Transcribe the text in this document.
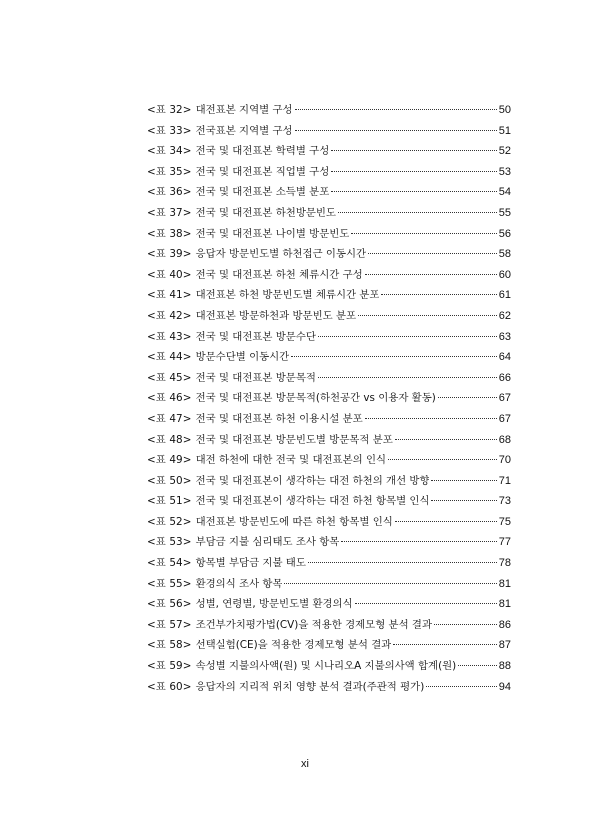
<표 32> 대전표본 지역별 구성	50
<표 33> 전국표본 지역별 구성	51
<표 34> 전국 및 대전표본 학력별 구성	52
<표 35> 전국 및 대전표본 직업별 구성	53
<표 36> 전국 및 대전표본 소득별 분포	54
<표 37> 전국 및 대전표본 하천방문빈도	55
<표 38> 전국 및 대전표본 나이별 방문빈도	56
<표 39> 응답자 방문빈도별 하천접근 이동시간	58
<표 40> 전국 및 대전표본 하천 체류시간 구성	60
<표 41> 대전표본 하천 방문빈도별 체류시간 분포	61
<표 42> 대전표본 방문하천과 방문빈도 분포	62
<표 43> 전국 및 대전표본 방문수단	63
<표 44> 방문수단별 이동시간	64
<표 45> 전국 및 대전표본 방문목적	66
<표 46> 전국 및 대전표본 방문목적(하천공간 vs 이용자 활동)	67
<표 47> 전국 및 대전표본 하천 이용시설 분포	67
<표 48> 전국 및 대전표본 방문빈도별 방문목적 분포	68
<표 49> 대전 하천에 대한 전국 및 대전표본의 인식	70
<표 50> 전국 및 대전표본이 생각하는 대전 하천의 개선 방향	71
<표 51> 전국 및 대전표본이 생각하는 대전 하천 항목별 인식	73
<표 52> 대전표본 방문빈도에 따른 하천 항목별 인식	75
<표 53> 부담금 지불 심리태도 조사 항목	77
<표 54> 항목별 부담금 지불 태도	78
<표 55> 환경의식 조사 항목	81
<표 56> 성별, 연령별, 방문빈도별 환경의식	81
<표 57> 조건부가치평가법(CV)을 적용한 경제모형 분석 결과	86
<표 58> 선택실험(CE)을 적용한 경제모형 분석 결과	87
<표 59> 속성별 지불의사액(원) 및 시나리오A 지불의사액 합계(원)	88
<표 60> 응답자의 지리적 위치 영향 분석 결과(주관적 평가)	94
xi
